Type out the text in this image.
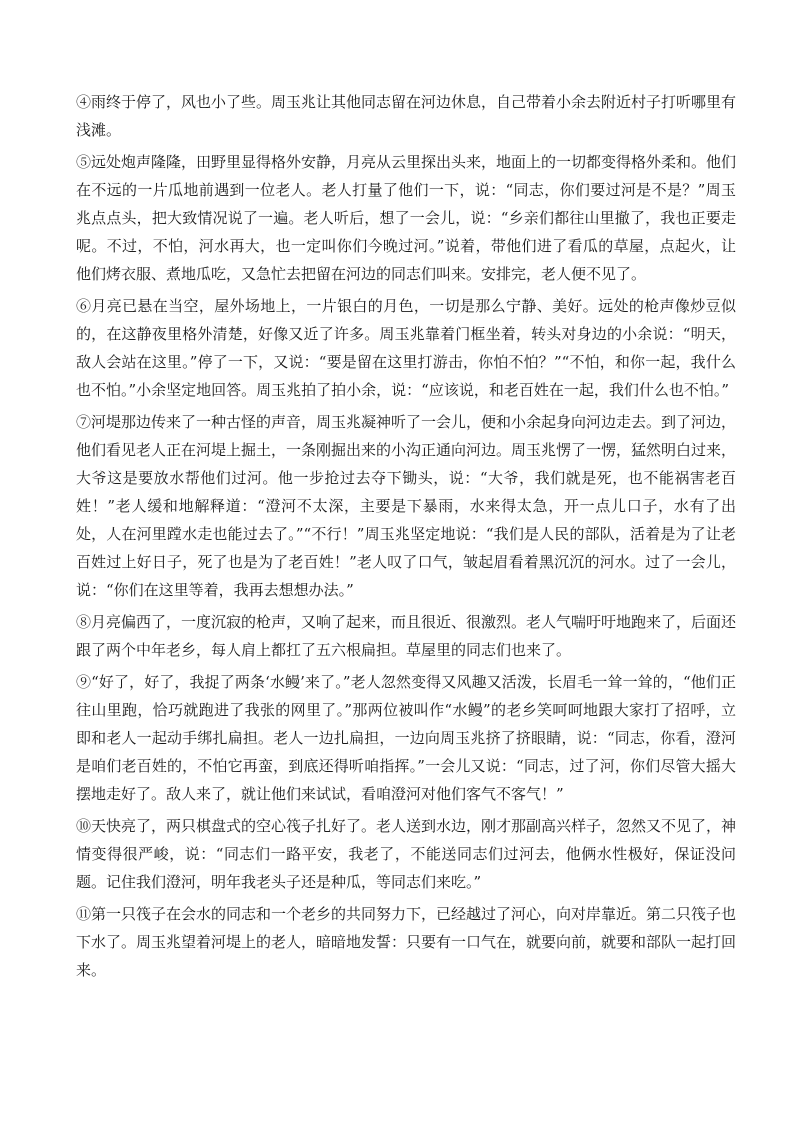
④雨终于停了，风也小了些。周玉兆让其他同志留在河边休息，自己带着小余去附近村子打听哪里有浅滩。

⑤远处炮声隆隆，田野里显得格外安静，月亮从云里探出头来，地面上的一切都变得格外柔和。他们在不远的一片瓜地前遇到一位老人。老人打量了他们一下，说：“同志，你们要过河是不是？”周玉兆点点头，把大致情况说了一遍。老人听后，想了一会儿，说：“乡亲们都往山里撤了，我也正要走呢。不过，不怕，河水再大，也一定叫你们今晚过河。”说着，带他们进了看瓜的草屋，点起火，让他们烤衣服、煮地瓜吃，又急忙去把留在河边的同志们叫来。安排完，老人便不见了。

⑥月亮已悬在当空，屋外场地上，一片银白的月色，一切是那么宁静、美好。远处的枪声像炒豆似的，在这静夜里格外清楚，好像又近了许多。周玉兆靠着门框坐着，转头对身边的小余说：“明天，敌人会站在这里。”停了一下，又说：“要是留在这里打游击，你怕不怕？”“不怕，和你一起，我什么也不怕。”小余坚定地回答。周玉兆拍了拍小余，说：“应该说，和老百姓在一起，我们什么也不怕。”

⑦河堤那边传来了一种古怪的声音，周玉兆凝神听了一会儿，便和小余起身向河边走去。到了河边，他们看见老人正在河堤上掘土，一条刚掘出来的小沟正通向河边。周玉兆愣了一愣，猛然明白过来，大爷这是要放水帮他们过河。他一步抢过去夺下锄头，说：“大爷，我们就是死，也不能祸害老百姓！”老人缓和地解释道：“澄河不太深，主要是下暴雨，水来得太急，开一点儿口子，水有了出处，人在河里蹚水走也能过去了。”“不行！”周玉兆坚定地说：“我们是人民的部队，活着是为了让老百姓过上好日子，死了也是为了老百姓！”老人叹了口气，皱起眉看着黑沉沉的河水。过了一会儿，说：“你们在这里等着，我再去想想办法。”

⑧月亮偏西了，一度沉寂的枪声，又响了起来，而且很近、很激烈。老人气喘吁吁地跑来了，后面还跟了两个中年老乡，每人肩上都扛了五六根扁担。草屋里的同志们也来了。

⑨“好了，好了，我捉了两条‘水鳗’来了。”老人忽然变得又风趣又活泼，长眉毛一耸一耸的，“他们正往山里跑，恰巧就跑进了我张的网里了。”那两位被叫作“水鳗”的老乡笑呵呵地跟大家打了招呼，立即和老人一起动手绑扎扁担。老人一边扎扁担，一边向周玉兆挤了挤眼睛，说：“同志，你看，澄河是咱们老百姓的，不怕它再蛮，到底还得听咱指挥。”一会儿又说：“同志，过了河，你们尽管大摇大摆地走好了。敌人来了，就让他们来试试，看咱澄河对他们客气不客气！”

⑩天快亮了，两只棋盘式的空心筏子扎好了。老人送到水边，刚才那副高兴样子，忽然又不见了，神情变得很严峻，说：“同志们一路平安，我老了，不能送同志们过河去，他俩水性极好，保证没问题。记住我们澄河，明年我老头子还是种瓜，等同志们来吃。”

⑪第一只筏子在会水的同志和一个老乡的共同努力下，已经越过了河心，向对岸靠近。第二只筏子也下水了。周玉兆望着河堤上的老人，暗暗地发誓：只要有一口气在，就要向前，就要和部队一起打回来。
